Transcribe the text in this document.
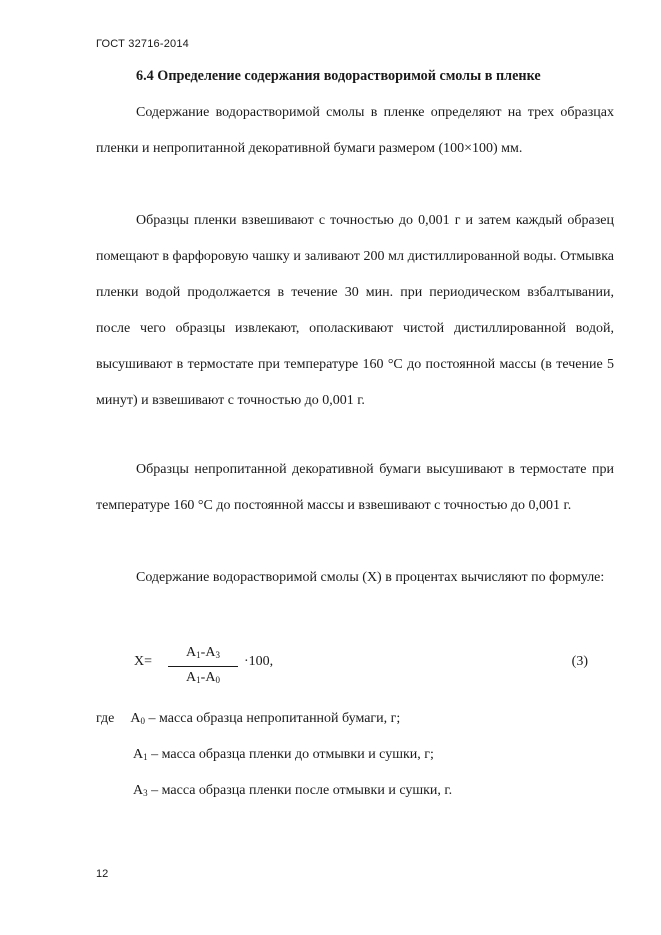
ГОСТ 32716-2014
6.4 Определение содержания водорастворимой смолы в пленке

Содержание водорастворимой смолы в пленке определяют на трех образцах пленки и непропитанной декоративной бумаги размером (100×100) мм.

Образцы пленки взвешивают с точностью до 0,001 г и затем каждый образец помещают в фарфоровую чашку и заливают 200 мл дистиллированной воды. Отмывка пленки водой продолжается в течение 30 мин. при периодическом взбалтывании, после чего образцы извлекают, ополаскивают чистой дистиллированной водой, высушивают в термостате при температуре 160 °C до постоянной массы (в течение 5 минут) и взвешивают с точностью до 0,001 г.

Образцы непропитанной декоративной бумаги высушивают в термостате при температуре 160 °C до постоянной массы и взвешивают с точностью до 0,001 г.

Содержание водорастворимой смолы (X) в процентах вычисляют по формуле:

X=
$A_1-A_3$
$A_1-A_0$
·100,	(3)
где $A_0$ – масса образца непропитанной бумаги, г;
$A_1$ – масса образца пленки до отмывки и сушки, г;
$A_3$ – масса образца пленки после отмывки и сушки, г.
12
